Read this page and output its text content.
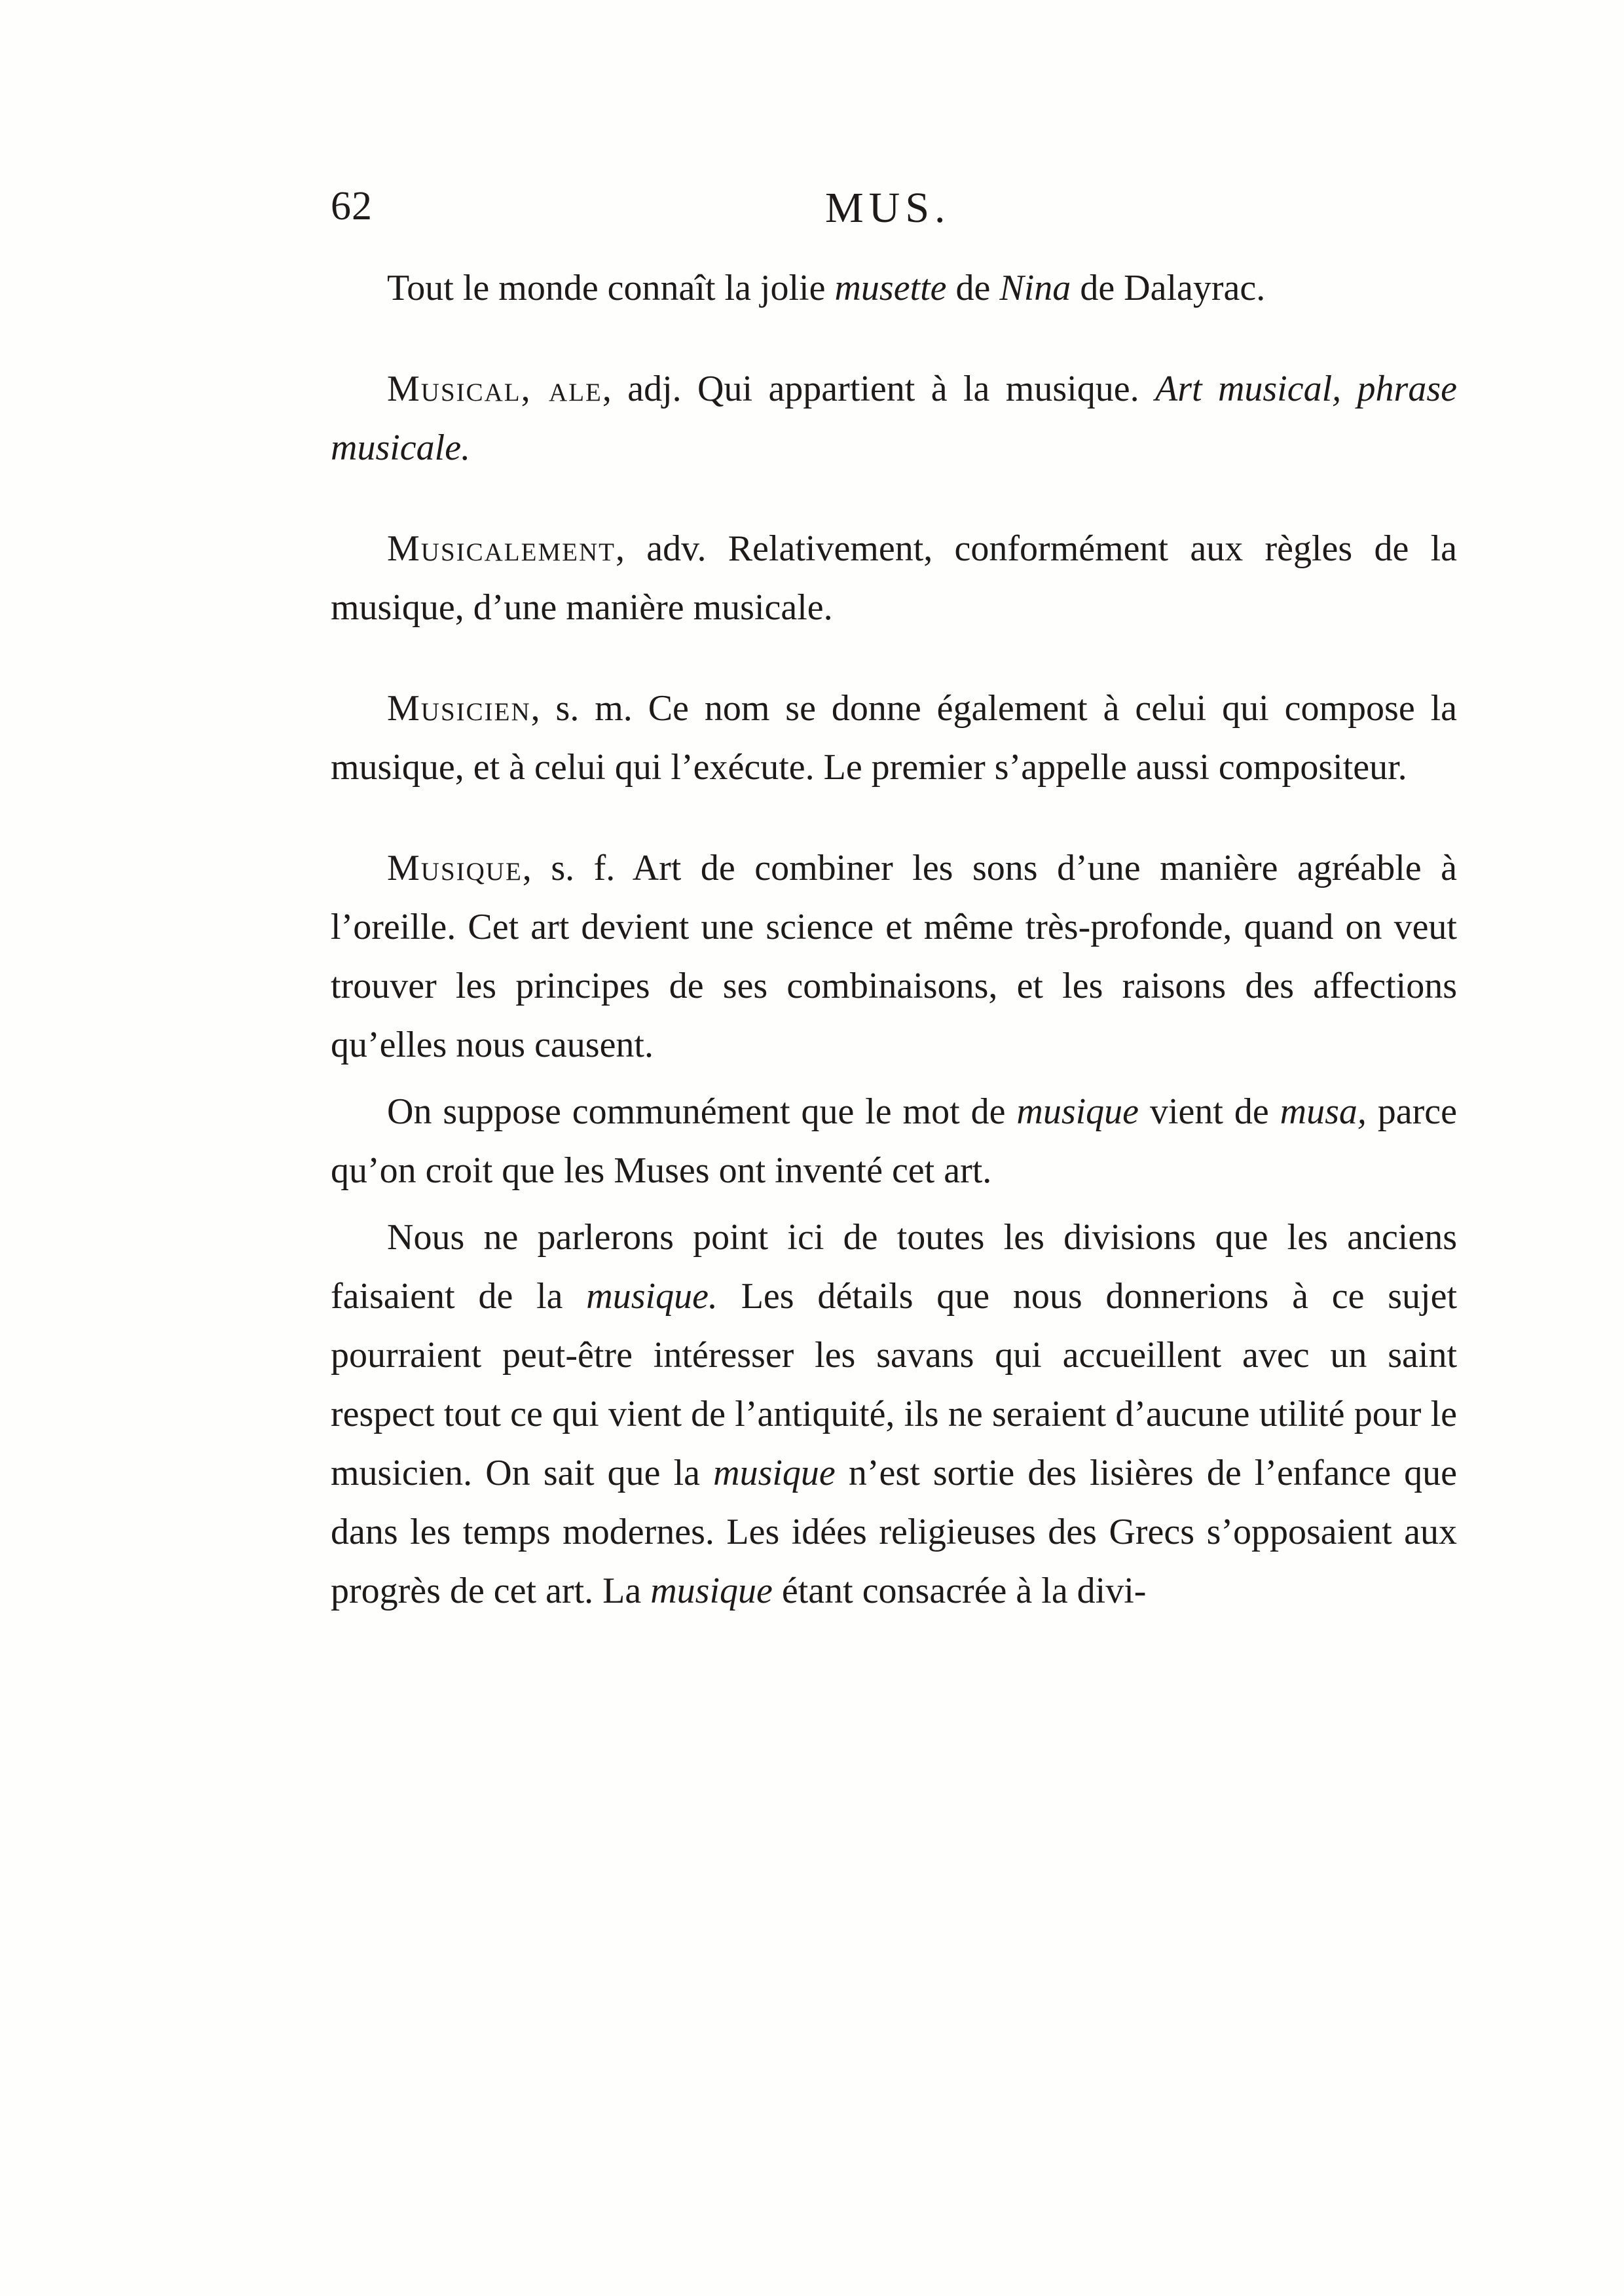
62	MUS.

Tout le monde connaît la jolie musette de Nina de Dalayrac.

Musical, ale, adj. Qui appartient à la musique. Art musical, phrase musicale.

Musicalement, adv. Relativement, conformément aux règles de la musique, d’une manière musicale.

Musicien, s. m. Ce nom se donne également à celui qui compose la musique, et à celui qui l’exécute. Le premier s’appelle aussi compositeur.

Musique, s. f. Art de combiner les sons d’une manière agréable à l’oreille. Cet art devient une science et même très-profonde, quand on veut trouver les principes de ses combinaisons, et les raisons des affections qu’elles nous causent.

On suppose communément que le mot de musique vient de musa, parce qu’on croit que les Muses ont inventé cet art.

Nous ne parlerons point ici de toutes les divisions que les anciens faisaient de la musique. Les détails que nous donnerions à ce sujet pourraient peut-être intéresser les savans qui accueillent avec un saint respect tout ce qui vient de l’antiquité, ils ne seraient d’aucune utilité pour le musicien. On sait que la musique n’est sortie des lisières de l’enfance que dans les temps modernes. Les idées religieuses des Grecs s’opposaient aux progrès de cet art. La musique étant consacrée à la divi-
